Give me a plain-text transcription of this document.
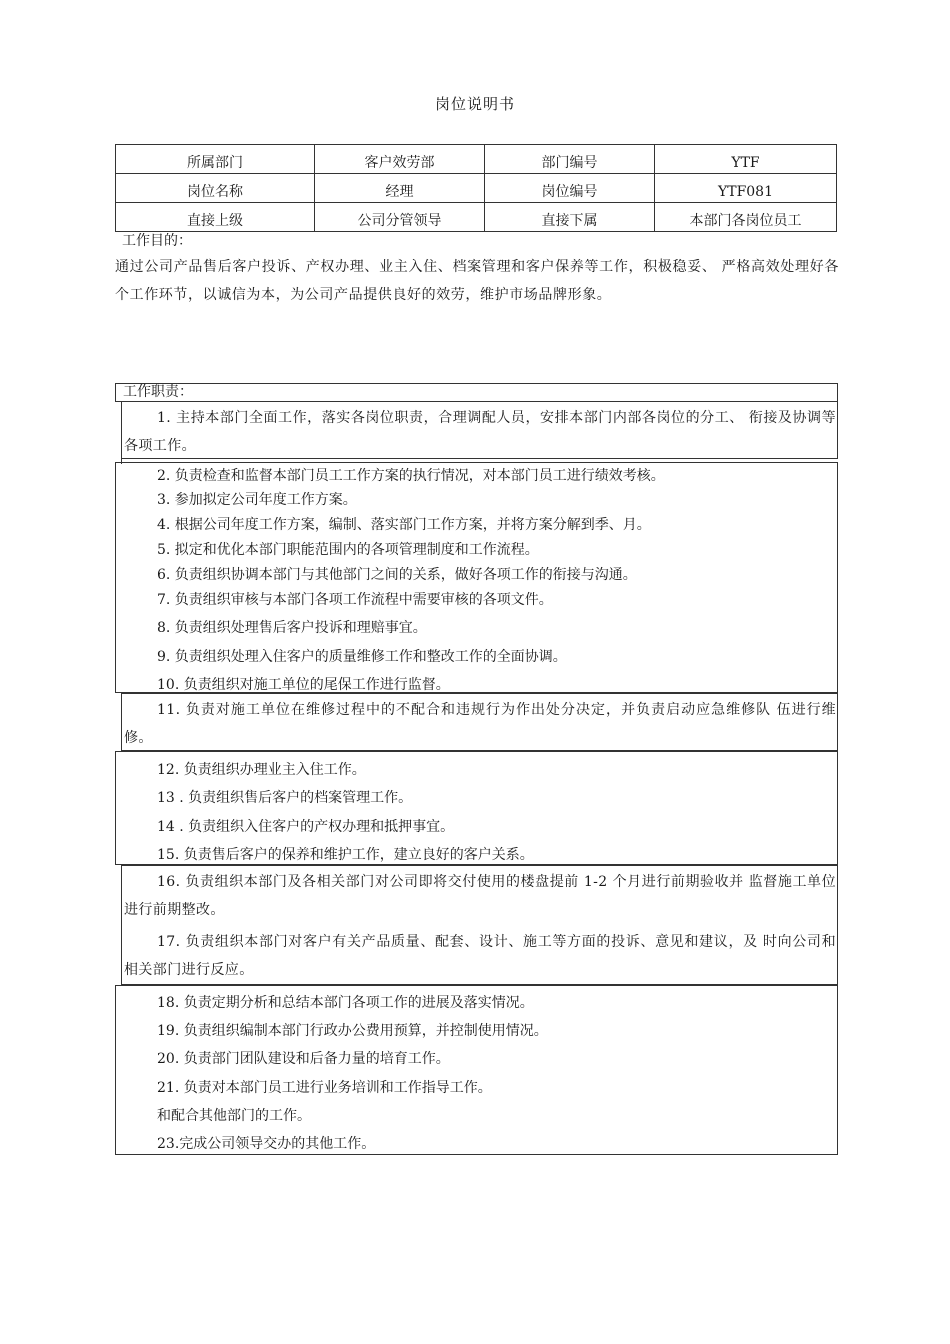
岗位说明书
所属部门	客户效劳部	部门编号	YTF
岗位名称	经理	岗位编号	YTF081
直接上级	公司分管领导	直接下属	本部门各岗位员工
工作目的：
通过公司产品售后客户投诉、产权办理、业主入住、档案管理和客户保养等工作，积极稳妥、 严格高效处理好各个工作环节，以诚信为本，为公司产品提供良好的效劳，维护市场品牌形象。
工作职责：
1. 主持本部门全面工作，落实各岗位职责，合理调配人员，安排本部门内部各岗位的分工、 衔接及协调等各项工作。
2. 负责检查和监督本部门员工工作方案的执行情况，对本部门员工进行绩效考核。
3. 参加拟定公司年度工作方案。
4. 根据公司年度工作方案，编制、落实部门工作方案，并将方案分解到季、月。
5. 拟定和优化本部门职能范围内的各项管理制度和工作流程。
6. 负责组织协调本部门与其他部门之间的关系，做好各项工作的衔接与沟通。
7. 负责组织审核与本部门各项工作流程中需要审核的各项文件。
8. 负责组织处理售后客户投诉和理赔事宜。
9. 负责组织处理入住客户的质量维修工作和整改工作的全面协调。
10. 负责组织对施工单位的尾保工作进行监督。
11. 负责对施工单位在维修过程中的不配合和违规行为作出处分决定，并负责启动应急维修队 伍进行维修。
12. 负责组织办理业主入住工作。
13 . 负责组织售后客户的档案管理工作。
14 . 负责组织入住客户的产权办理和抵押事宜。
15. 负责售后客户的保养和维护工作，建立良好的客户关系。
16. 负责组织本部门及各相关部门对公司即将交付使用的楼盘提前 1-2 个月进行前期验收并 监督施工单位进行前期整改。
17. 负责组织本部门对客户有关产品质量、配套、设计、施工等方面的投诉、意见和建议，及 时向公司和相关部门进行反应。
18. 负责定期分析和总结本部门各项工作的进展及落实情况。
19. 负责组织编制本部门行政办公费用预算，并控制使用情况。
20. 负责部门团队建设和后备力量的培育工作。
21. 负责对本部门员工进行业务培训和工作指导工作。
和配合其他部门的工作。
23.完成公司领导交办的其他工作。
